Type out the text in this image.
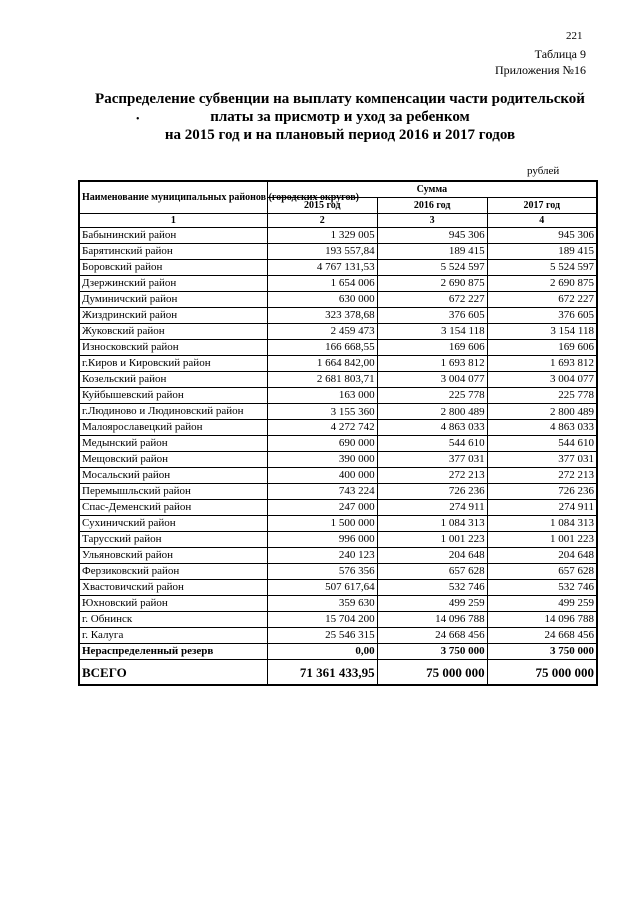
221
Таблица 9
Приложения №16
Распределение субвенции на выплату компенсации части родительской
платы за присмотр и уход за ребенком
на 2015 год и на плановый период 2016 и 2017 годов
•
рублей
Наименование муниципальных районов (городских округов)	Сумма		
	2015 год	2016 год	2017 год
1	2	3	4
Бабынинский район	1 329 005	945 306	945 306
Барятинский район	193 557,84	189 415	189 415
Боровский район	4 767 131,53	5 524 597	5 524 597
Дзержинский район	1 654 006	2 690 875	2 690 875
Думиничский район	630 000	672 227	672 227
Жиздринский район	323 378,68	376 605	376 605
Жуковский район	2 459 473	3 154 118	3 154 118
Износковский район	166 668,55	169 606	169 606
г.Киров и Кировский район	1 664 842,00	1 693 812	1 693 812
Козельский район	2 681 803,71	3 004 077	3 004 077
Куйбышевский район	163 000	225 778	225 778
г.Людиново и Людиновский район	3 155 360	2 800 489	2 800 489
Малоярославецкий район	4 272 742	4 863 033	4 863 033
Медынский район	690 000	544 610	544 610
Мещовский район	390 000	377 031	377 031
Мосальский район	400 000	272 213	272 213
Перемышльский район	743 224	726 236	726 236
Спас-Деменский район	247 000	274 911	274 911
Сухиничский район	1 500 000	1 084 313	1 084 313
Тарусский район	996 000	1 001 223	1 001 223
Ульяновский район	240 123	204 648	204 648
Ферзиковский район	576 356	657 628	657 628
Хвастовичский район	507 617,64	532 746	532 746
Юхновский район	359 630	499 259	499 259
г. Обнинск	15 704 200	14 096 788	14 096 788
г. Калуга	25 546 315	24 668 456	24 668 456
Нераспределенный резерв	0,00	3 750 000	3 750 000
ВСЕГО	71 361 433,95	75 000 000	75 000 000
